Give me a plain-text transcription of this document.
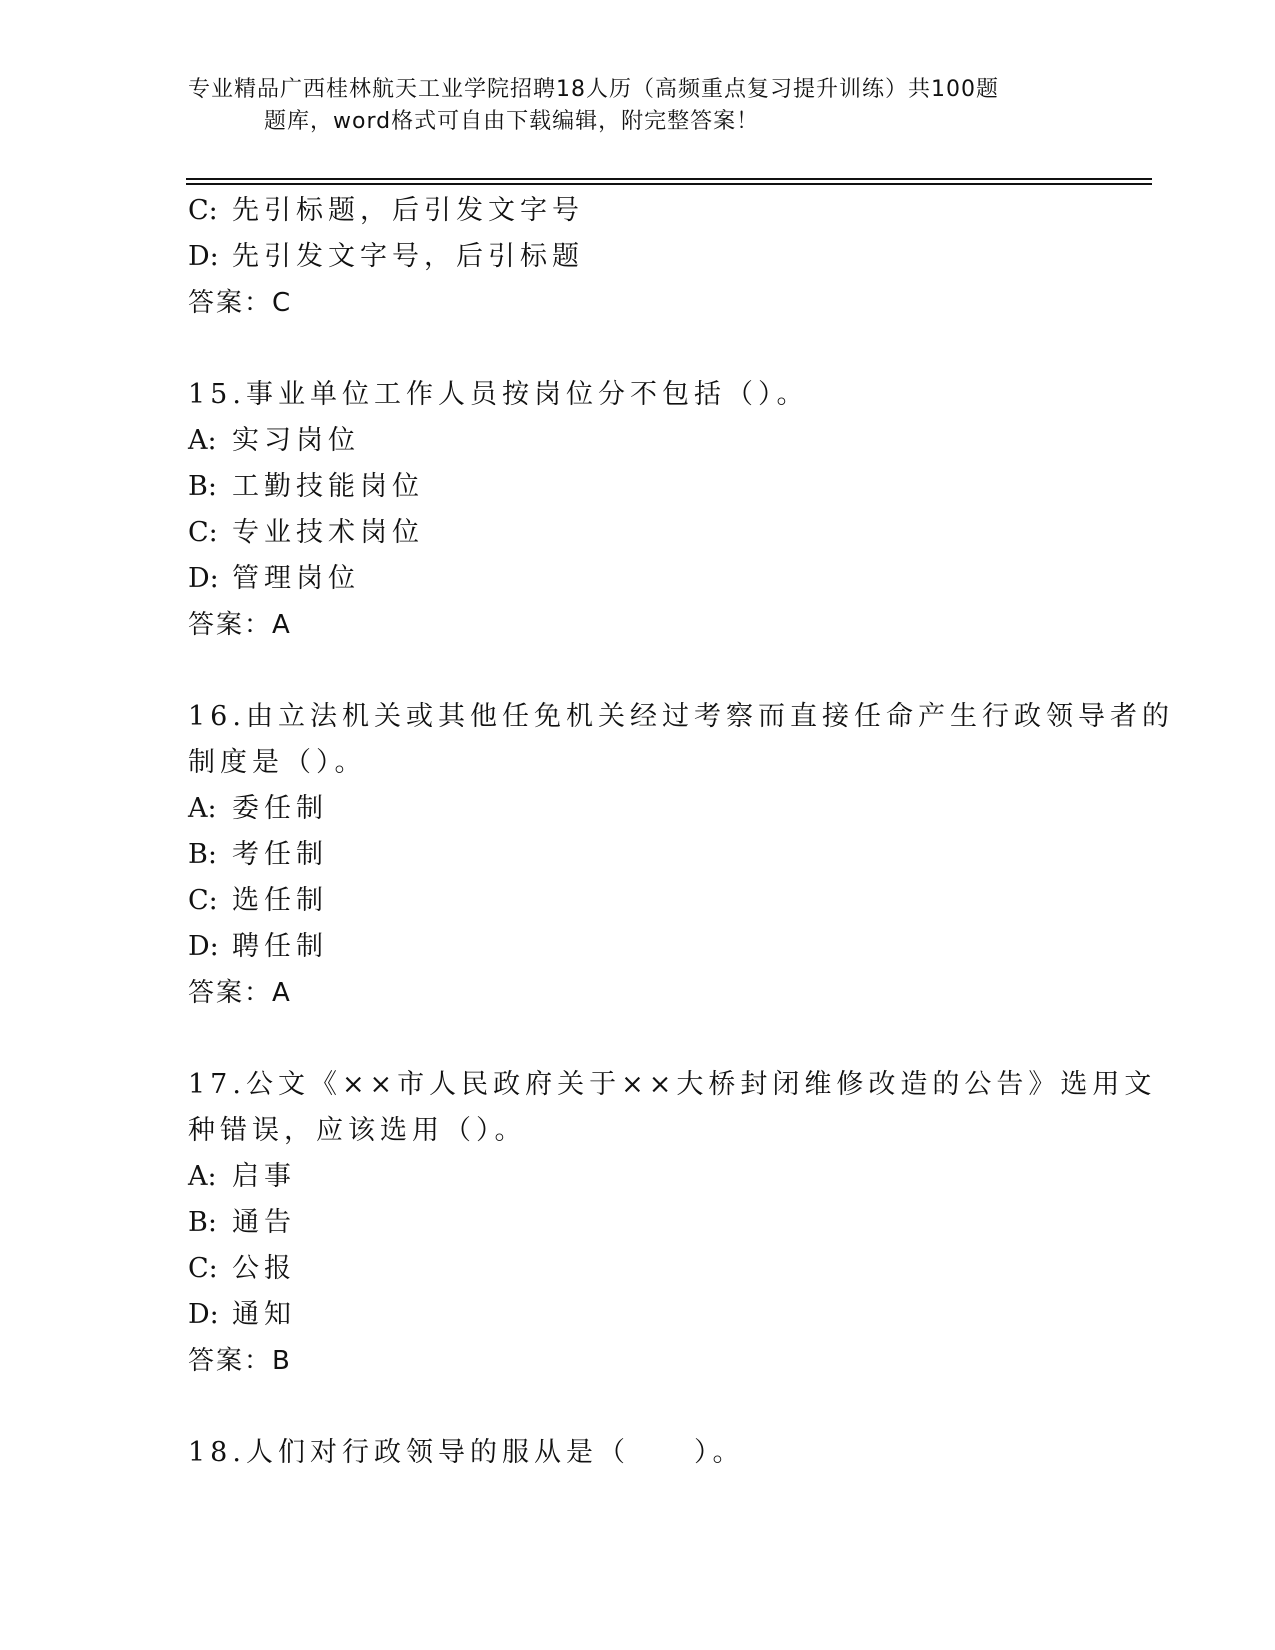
专业精品广西桂林航天工业学院招聘18人历（高频重点复习提升训练）共100题
题库，word格式可自由下载编辑，附完整答案！
C: 先引标题，后引发文字号
D: 先引发文字号，后引标题
答案：C
15.事业单位工作人员按岗位分不包括（）。
A: 实习岗位
B: 工勤技能岗位
C: 专业技术岗位
D: 管理岗位
答案：A
16.由立法机关或其他任免机关经过考察而直接任命产生行政领导者的
制度是（）。
A: 委任制
B: 考任制
C: 选任制
D: 聘任制
答案：A
17.公文《××市人民政府关于××大桥封闭维修改造的公告》选用文
种错误，应该选用（）。
A: 启事
B: 通告
C: 公报
D: 通知
答案：B
18.人们对行政领导的服从是（　　）。
